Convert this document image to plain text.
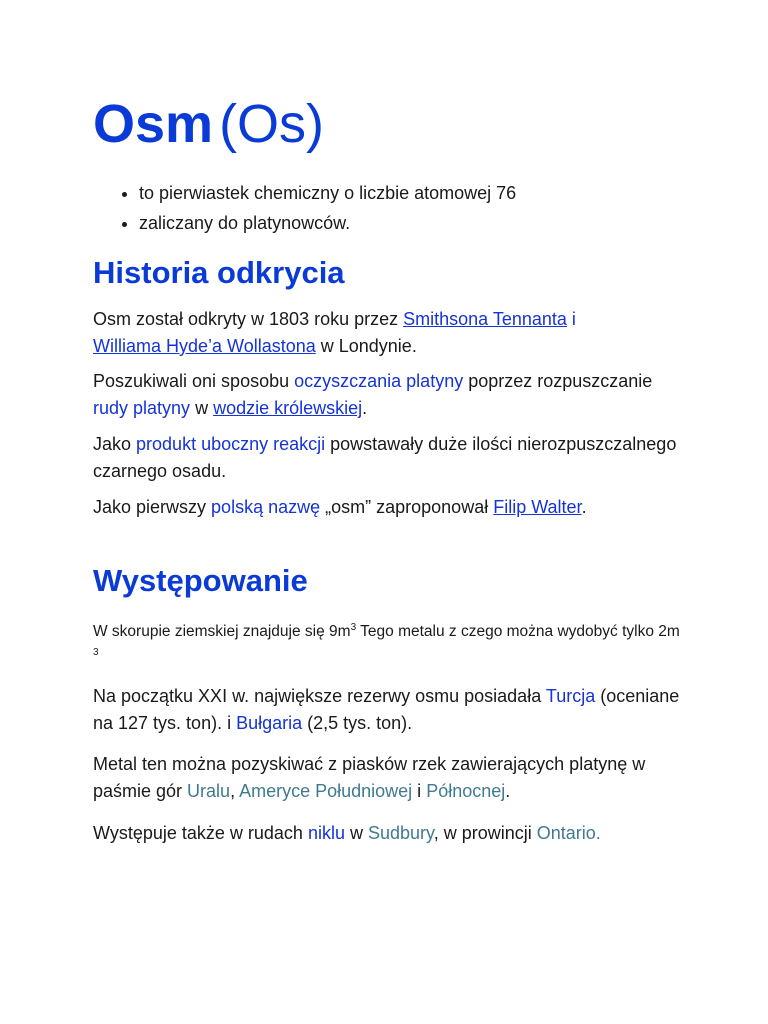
Osm (Os)
• to pierwiastek chemiczny o liczbie atomowej 76
• zaliczany do platynowców.
Historia odkrycia

Osm został odkryty w 1803 roku przez Smithsona Tennanta i
Williama Hyde’a Wollastona w Londynie.

Poszukiwali oni sposobu oczyszczania platyny poprzez rozpuszczanie rudy platyny w wodzie królewskiej.

Jako produkt uboczny reakcji powstawały duże ilości nierozpuszczalnego czarnego osadu.

Jako pierwszy polską nazwę „osm” zaproponował Filip Walter.

Występowanie

W skorupie ziemskiej znajduje się $9m^3$ Tego metalu z czego można wydobyć tylko 2m $^3$

Na początku XXI w. największe rezerwy osmu posiadała Turcja (oceniane na 127 tys. ton). i Bułgaria (2,5 tys. ton).

Metal ten można pozyskiwać z piasków rzek zawierających platynę w paśmie gór Uralu, Ameryce Południowej i Północnej.

Występuje także w rudach niklu w Sudbury, w prowincji Ontario.
